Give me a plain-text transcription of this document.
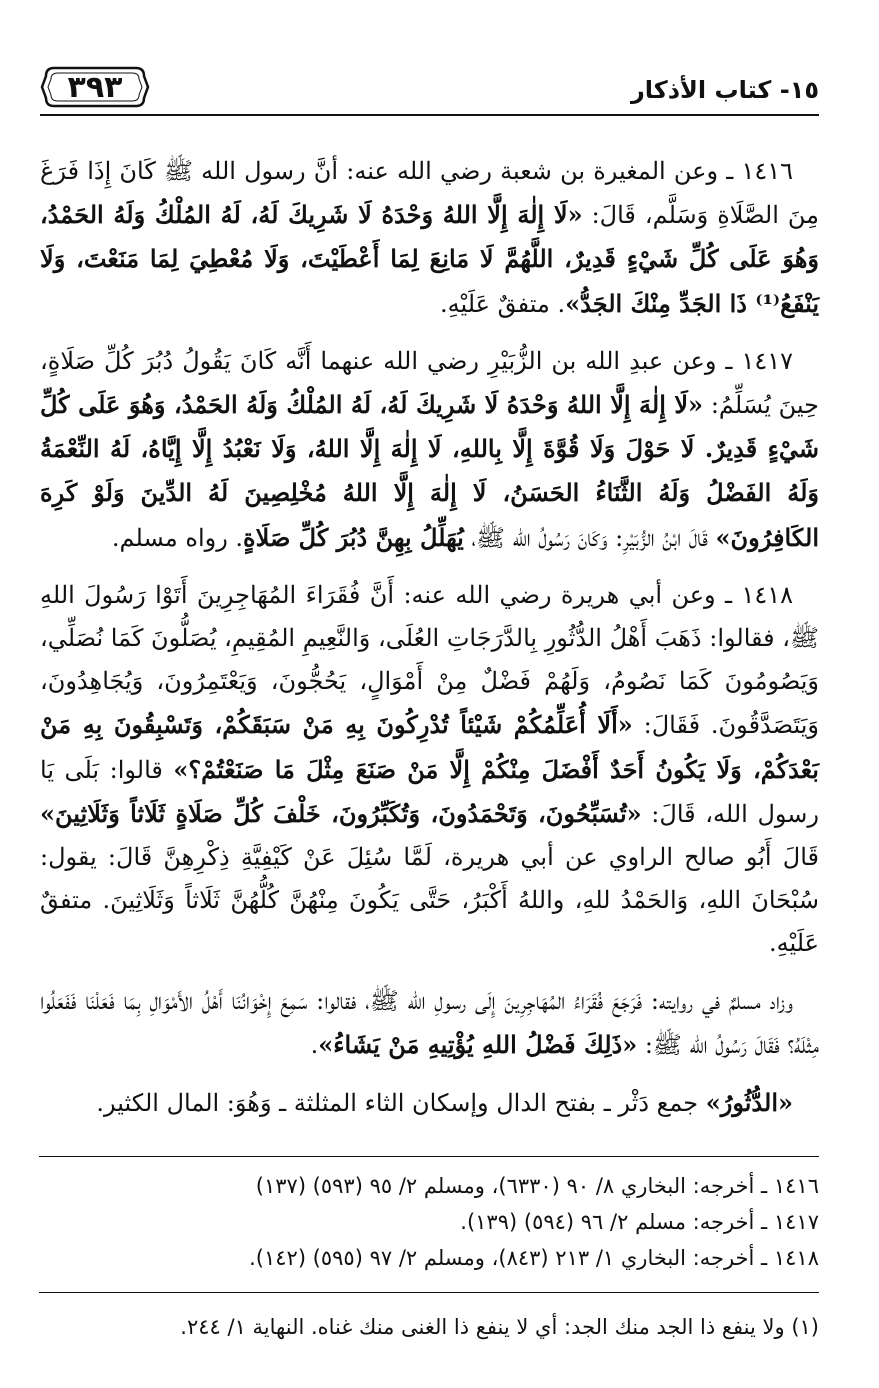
١٥- كتاب الأذكار
٣٩٣

١٤١٦ ـ وعن المغيرة بن شعبة رضي الله عنه: أنَّ رسول الله ﷺ كَانَ إِذَا فَرَغَ مِنَ الصَّلَاةِ وَسَلَّم، قَالَ: «لَا إِلٰهَ إِلَّا اللهُ وَحْدَهُ لَا شَرِيكَ لَهُ، لَهُ المُلْكُ وَلَهُ الحَمْدُ، وَهُوَ عَلَى كُلِّ شَيْءٍ قَدِيرٌ، اللَّهُمَّ لَا مَانِعَ لِمَا أَعْطَيْتَ، وَلَا مُعْطِيَ لِمَا مَنَعْتَ، وَلَا يَنْفَعُ⁽¹⁾ ذَا الجَدِّ مِنْكَ الجَدُّ». متفقٌ عَلَيْهِ.

١٤١٧ ـ وعن عبدِ الله بن الزُّبَيْرِ رضي الله عنهما أَنَّه كَانَ يَقُولُ دُبُرَ كُلِّ صَلَاةٍ، حِينَ يُسَلِّمُ: «لَا إِلٰهَ إِلَّا اللهُ وَحْدَهُ لَا شَرِيكَ لَهُ، لَهُ المُلْكُ وَلَهُ الحَمْدُ، وَهُوَ عَلَى كُلِّ شَيْءٍ قَدِيرٌ. لَا حَوْلَ وَلَا قُوَّةَ إِلَّا بِاللهِ، لَا إِلٰهَ إِلَّا اللهُ، وَلَا نَعْبُدُ إِلَّا إِيَّاهُ، لَهُ النِّعْمَةُ وَلَهُ الفَضْلُ وَلَهُ الثَّنَاءُ الحَسَنُ، لَا إِلٰهَ إِلَّا اللهُ مُخْلِصِينَ لَهُ الدِّينَ وَلَوْ كَرِهَ الكَافِرُونَ» قَالَ ابْنُ الزُّبَيْرِ: وَكَانَ رَسُولُ الله ﷺ، يُهَلِّلُ بِهِنَّ دُبُرَ كُلِّ صَلَاةٍ. رواه مسلم.

١٤١٨ ـ وعن أبي هريرة رضي الله عنه: أَنَّ فُقَرَاءَ المُهَاجِرِينَ أَتَوْا رَسُولَ اللهِ ﷺ، فقالوا: ذَهَبَ أَهْلُ الدُّثُورِ بِالدَّرَجَاتِ العُلَى، وَالنَّعِيمِ المُقِيمِ، يُصَلُّونَ كَمَا نُصَلِّي، وَيَصُومُونَ كَمَا نَصُومُ، وَلَهُمْ فَضْلٌ مِنْ أَمْوَالٍ، يَحُجُّونَ، وَيَعْتَمِرُونَ، وَيُجَاهِدُونَ، وَيَتَصَدَّقُونَ. فَقَالَ: «أَلَا أُعَلِّمُكُمْ شَيْئاً تُدْرِكُونَ بِهِ مَنْ سَبَقَكُمْ، وَتَسْبِقُونَ بِهِ مَنْ بَعْدَكُمْ، وَلَا يَكُونُ أَحَدٌ أَفْضَلَ مِنْكُمْ إِلَّا مَنْ صَنَعَ مِثْلَ مَا صَنَعْتُمْ؟» قالوا: بَلَى يَا رسول الله، قَالَ: «تُسَبِّحُونَ، وَتَحْمَدُونَ، وَتُكَبِّرُونَ، خَلْفَ كُلِّ صَلَاةٍ ثَلَاثاً وَثَلَاثِينَ» قَالَ أَبُو صالح الراوي عن أبي هريرة، لَمَّا سُئِلَ عَنْ كَيْفِيَّةِ ذِكْرِهِنَّ قَالَ: يقول: سُبْحَانَ اللهِ، وَالحَمْدُ للهِ، واللهُ أَكْبَرُ، حَتَّى يَكُونَ مِنْهُنَّ كُلُّهُنَّ ثَلَاثاً وَثَلَاثِينَ. متفقٌ عَلَيْهِ.

وزاد مسلمٌ في روايته: فَرَجَعَ فُقَرَاءُ المُهَاجِرِينَ إِلَى رسولِ الله ﷺ، فقالوا: سَمِعَ إِخْوَانُنَا أَهْلُ الأَمْوَالِ بِمَا فَعَلْنَا فَفَعَلُوا مِثْلَهُ؟ فَقَالَ رَسُولُ الله ﷺ: «ذَلِكَ فَضْلُ اللهِ يُؤْتِيهِ مَنْ يَشَاءُ».

«الدُّثُورُ» جمع دَثْر ـ بفتح الدال وإسكان الثاء المثلثة ـ وَهُوَ: المال الكثير.

١٤١٦ ـ أخرجه: البخاري ٨/ ٩٠ (٦٣٣٠)، ومسلم ٢/ ٩٥ (٥٩٣) (١٣٧)
١٤١٧ ـ أخرجه: مسلم ٢/ ٩٦ (٥٩٤) (١٣٩).
١٤١٨ ـ أخرجه: البخاري ١/ ٢١٣ (٨٤٣)، ومسلم ٢/ ٩٧ (٥٩٥) (١٤٢).
(١) ولا ينفع ذا الجد منك الجد: أي لا ينفع ذا الغنى منك غناه. النهاية ١/ ٢٤٤.
